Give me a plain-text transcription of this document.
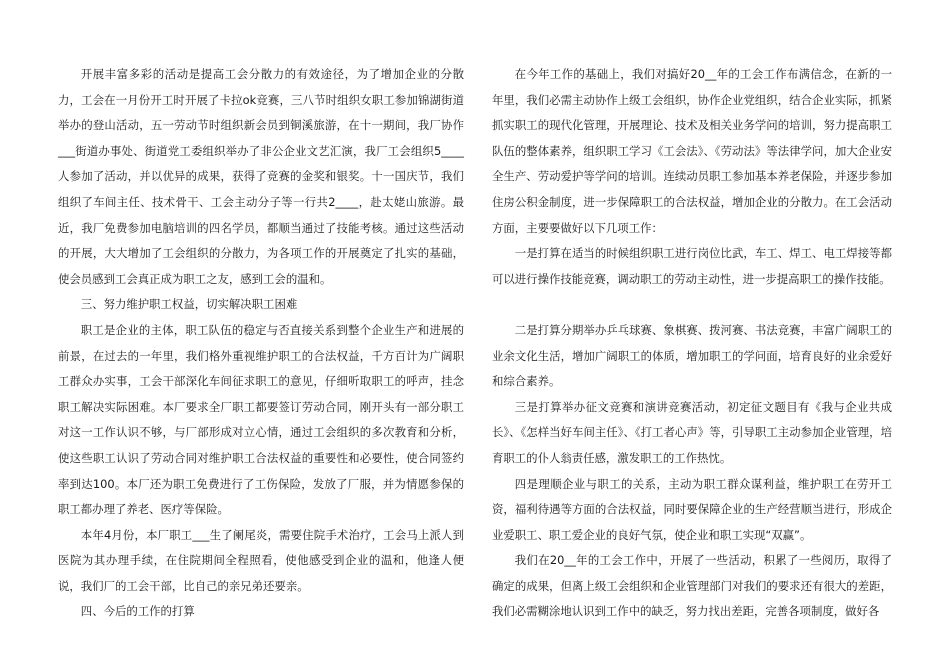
开展丰富多彩的活动是提高工会分散力的有效途径，为了增加企业的分散力，工会在一月份开工时开展了卡拉ok竞赛，三八节时组织女职工参加锦湖街道举办的登山活动，五一劳动节时组织新会员到铜溪旅游，在十一期间，我厂协作___街道办事处、街道党工委组织举办了非公企业文艺汇演，我厂工会组织5____人参加了活动，并以优异的成果，获得了竞赛的金奖和银奖。十一国庆节，我们组织了车间主任、技术骨干、工会主动分子等一行共2____，赴太姥山旅游。最近，我厂免费参加电脑培训的四名学员，都顺当通过了技能考核。通过这些活动的开展，大大增加了工会组织的分散力，为各项工作的开展奠定了扎实的基础，使会员感到工会真正成为职工之友，感到工会的温和。

三、努力维护职工权益，切实解决职工困难

职工是企业的主体，职工队伍的稳定与否直接关系到整个企业生产和进展的前景，在过去的一年里，我们格外重视维护职工的合法权益，千方百计为广阔职工群众办实事，工会干部深化车间征求职工的意见，仔细听取职工的呼声，挂念职工解决实际困难。本厂要求全厂职工都要签订劳动合同，刚开头有一部分职工对这一工作认识不够，与厂部形成对立心情，通过工会组织的多次教育和分析，使这些职工认识了劳动合同对维护职工合法权益的重要性和必要性，使合同签约率到达100。本厂还为职工免费进行了工伤保险，发放了厂服，并为情愿参保的职工都办理了养老、医疗等保险。

本年4月份，本厂职工___生了阑尾炎，需要住院手术治疗，工会马上派人到医院为其办理手续，在住院期间全程照看，使他感受到企业的温和，他逢人便说，我们厂的工会干部，比自己的亲兄弟还要亲。

四、今后的工作的打算

在今年工作的基础上，我们对搞好20__年的工会工作布满信念，在新的一年里，我们必需主动协作上级工会组织，协作企业党组织，结合企业实际，抓紧抓实职工的现代化管理，开展理论、技术及相关业务学问的培训，努力提高职工队伍的整体素养，组织职工学习《工会法》、《劳动法》等法律学问，加大企业安全生产、劳动爱护等学问的培训。连续动员职工参加基本养老保险，并逐步参加住房公积金制度，进一步保障职工的合法权益，增加企业的分散力。在工会活动方面，主要要做好以下几项工作：

一是打算在适当的时候组织职工进行岗位比武，车工、焊工、电工焊接等都可以进行操作技能竞赛，调动职工的劳动主动性，进一步提高职工的操作技能。

二是打算分期举办乒乓球赛、象棋赛、拨河赛、书法竞赛，丰富广阔职工的业余文化生活，增加广阔职工的体质，增加职工的学问面，培育良好的业余爱好和综合素养。

三是打算举办征文竞赛和演讲竞赛活动，初定征文题目有《我与企业共成长》、《怎样当好车间主任》、《打工者心声》等，引导职工主动参加企业管理，培育职工的仆人翁责任感，激发职工的工作热忱。

四是理顺企业与职工的关系，主动为职工群众谋利益，维护职工在劳开工资，福利待遇等方面的合法权益，同时要保障企业的生产经营顺当进行，形成企业爱职工、职工爱企业的良好气氛，使企业和职工实现“双赢”。

我们在20__年的工会工作中，开展了一些活动，积累了一些阅历，取得了确定的成果，但离上级工会组织和企业管理部门对我们的要求还有很大的差距，我们必需糊涂地认识到工作中的缺乏，努力找出差距，完善各项制度，做好各
